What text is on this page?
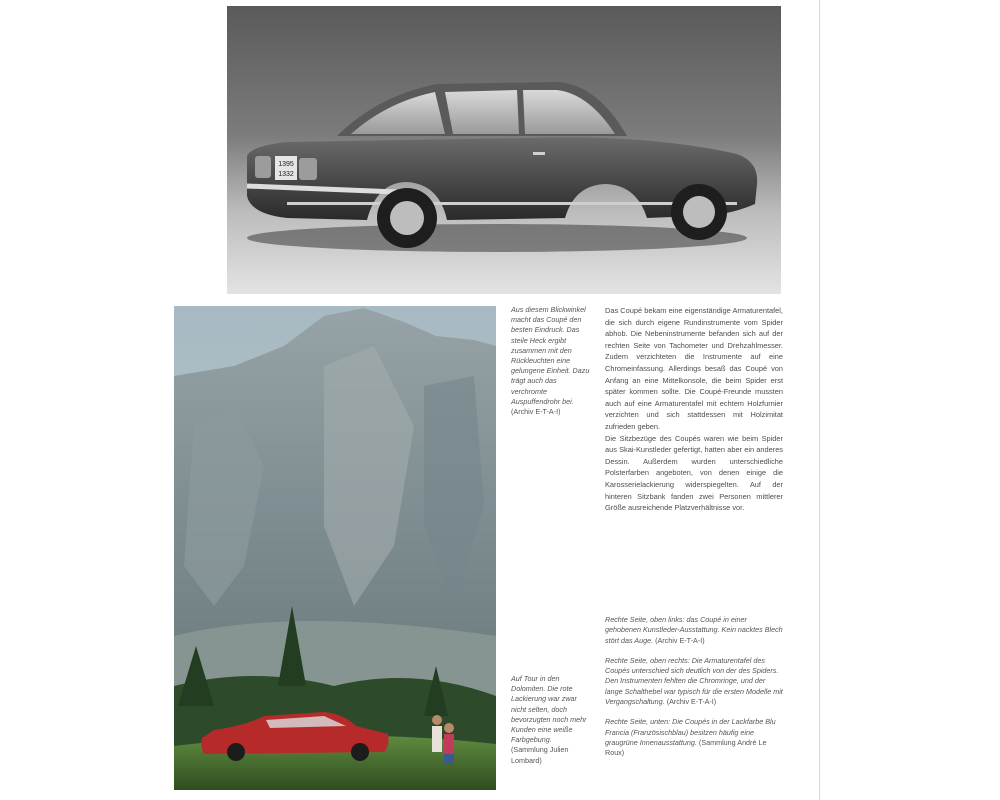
1395
1332
Aus diesem Blickwinkel macht das Coupé den besten Eindruck. Das steile Heck ergibt zusammen mit den Rückleuchten eine gelungene Einheit. Dazu trägt auch das verchromte Auspuffendrohr bei.
(Archiv E-T-A-I)

Das Coupé bekam eine eigenständige Armaturentafel, die sich durch eigene Rundinstrumente vom Spider abhob. Die Nebeninstrumente befanden sich auf der rechten Seite von Tachometer und Drehzahlmesser. Zudem verzichteten die Instrumente auf eine Chromeinfassung. Allerdings besaß das Coupé von Anfang an eine Mittelkonsole, die beim Spider erst später kommen sollte. Die Coupé-Freunde mussten auch auf eine Armaturentafel mit echtem Holzfurnier verzichten und sich stattdessen mit Holzimitat zufrieden geben.

Die Sitzbezüge des Coupés waren wie beim Spider aus Skai-Kunstleder gefertigt, hatten aber ein anderes Dessin. Außerdem wurden unterschiedliche Polsterfarben angeboten, von denen einige die Karosserielackierung widerspiegelten. Auf der hinteren Sitzbank fanden zwei Personen mittlerer Größe ausreichende Platzverhältnisse vor.

Rechte Seite, oben links: das Coupé in einer gehobenen Kunstleder-Ausstattung. Kein nacktes Blech stört das Auge. (Archiv E-T-A-I)

Rechte Seite, oben rechts: Die Armaturentafel des Coupés unterschied sich deutlich von der des Spiders. Den Instrumenten fehlten die Chromringe, und der lange Schalthebel war typisch für die ersten Modelle mit Vergangschaltung. (Archiv E-T-A-I)

Rechte Seite, unten: Die Coupés in der Lackfarbe Blu Francia (Französischblau) besitzen häufig eine graugrüne Innenausstattung. (Sammlung André Le Roux)

Auf Tour in den Dolomiten. Die rote Lackierung war zwar nicht selten, doch bevorzugten noch mehr Kunden eine weiße Farbgebung.
(Sammlung Julien Lombard)
